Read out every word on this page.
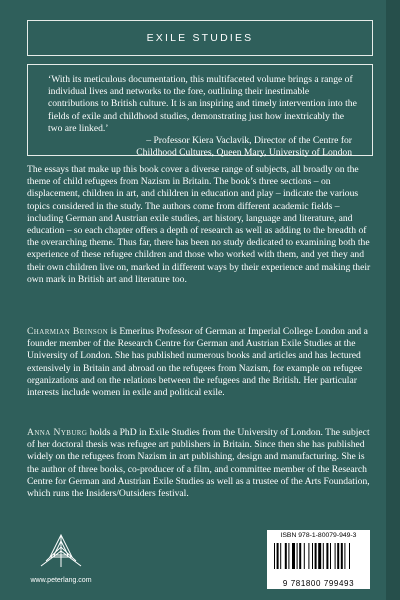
EXILE STUDIES

‘With its meticulous documentation, this multifaceted volume brings a range of individual lives and networks to the fore, outlining their inestimable contributions to British culture. It is an inspiring and timely intervention into the fields of exile and childhood studies, demonstrating just how inextricably the two are linked.’

– Professor Kiera Vaclavik, Director of the Centre for

Childhood Cultures, Queen Mary, University of London

The essays that make up this book cover a diverse range of subjects, all broadly on the theme of child refugees from Nazism in Britain. The book’s three sections – on displacement, children in art, and children in education and play – indicate the various topics considered in the study. The authors come from different academic fields – including German and Austrian exile studies, art history, language and literature, and education – so each chapter offers a depth of research as well as adding to the breadth of the overarching theme. Thus far, there has been no study dedicated to examining both the experience of these refugee children and those who worked with them, and yet they and their own children live on, marked in different ways by their experience and making their own mark in British art and literature too.

Charmian Brinson is Emeritus Professor of German at Imperial College London and a founder member of the Research Centre for German and Austrian Exile Studies at the University of London. She has published numerous books and articles and has lectured extensively in Britain and abroad on the refugees from Nazism, for example on refugee organizations and on the relations between the refugees and the British. Her particular interests include women in exile and political exile.

Anna Nyburg holds a PhD in Exile Studies from the University of London. The subject of her doctoral thesis was refugee art publishers in Britain. Since then she has published widely on the refugees from Nazism in art publishing, design and manufacturing. She is the author of three books, co-producer of a film, and committee member of the Research Centre for German and Austrian Exile Studies as well as a trustee of the Arts Foundation, which runs the Insiders/Outsiders festival.

www.peterlang.com
ISBN 978-1-80079-949-3
9 781800 799493
